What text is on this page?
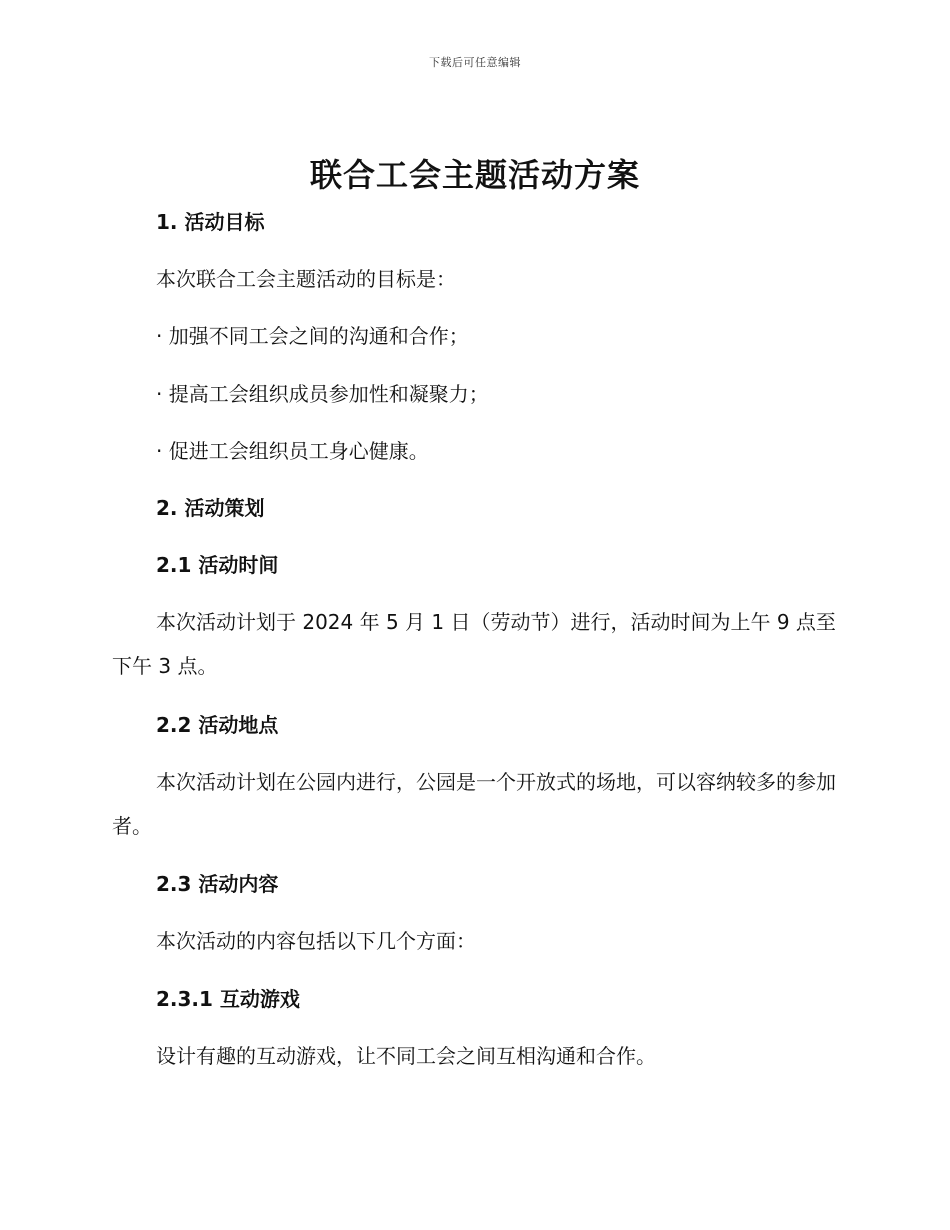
下载后可任意编辑
联合工会主题活动方案

1. 活动目标

本次联合工会主题活动的目标是：

· 加强不同工会之间的沟通和合作；

· 提高工会组织成员参加性和凝聚力；

· 促进工会组织员工身心健康。

2. 活动策划

2.1 活动时间

本次活动计划于 2024 年 5 月 1 日（劳动节）进行，活动时间为上午 9 点至下午 3 点。

2.2 活动地点

本次活动计划在公园内进行，公园是一个开放式的场地，可以容纳较多的参加者。

2.3 活动内容

本次活动的内容包括以下几个方面：

2.3.1 互动游戏

设计有趣的互动游戏，让不同工会之间互相沟通和合作。
